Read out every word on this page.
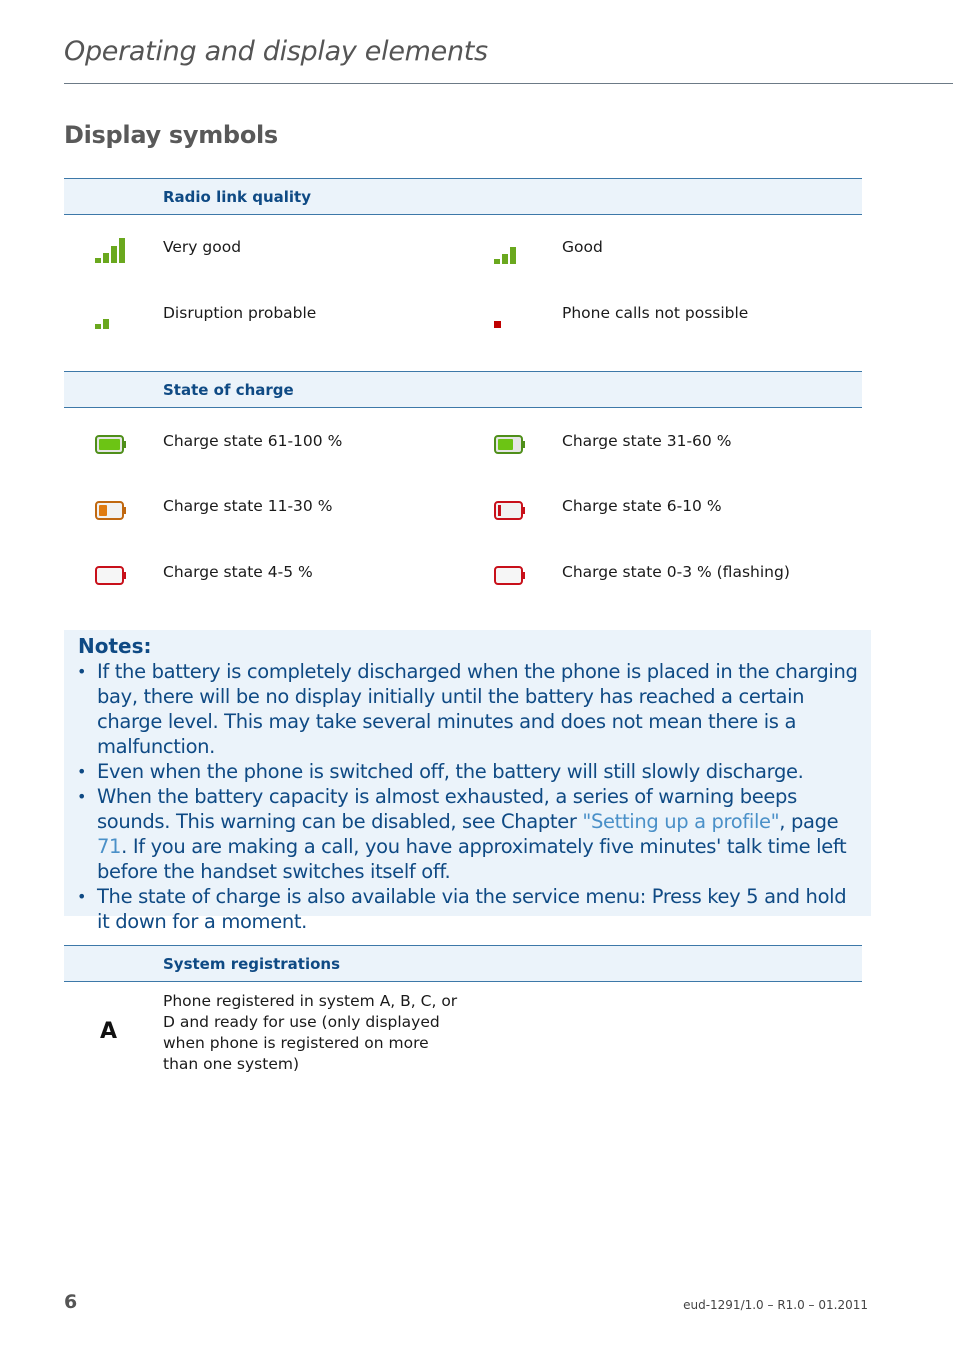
Operating and display elements
Display symbols
Radio link quality
Very good	Good
Disruption probable	Phone calls not possible
State of charge
Charge state 61-100 %	Charge state 31-60 %
Charge state 11-30 %	Charge state 6-10 %
Charge state 4-5 %	Charge state 0-3 % (flashing)
Notes:
• If the battery is completely discharged when the phone is placed in the charging bay, there will be no display initially until the battery has reached a certain charge level. This may take several minutes and does not mean there is a malfunction.
• Even when the phone is switched off, the battery will still slowly discharge.
• When the battery capacity is almost exhausted, a series of warning beeps sounds. This warning can be disabled, see Chapter "Setting up a profile", page 71. If you are making a call, you have approximately five minutes' talk time left before the handset switches itself off.
• The state of charge is also available via the service menu: Press key 5 and hold it down for a moment.
System registrations
A
Phone registered in system A, B, C, or D and ready for use (only displayed when phone is registered on more than one system)
6	eud-1291/1.0 – R1.0 – 01.2011
